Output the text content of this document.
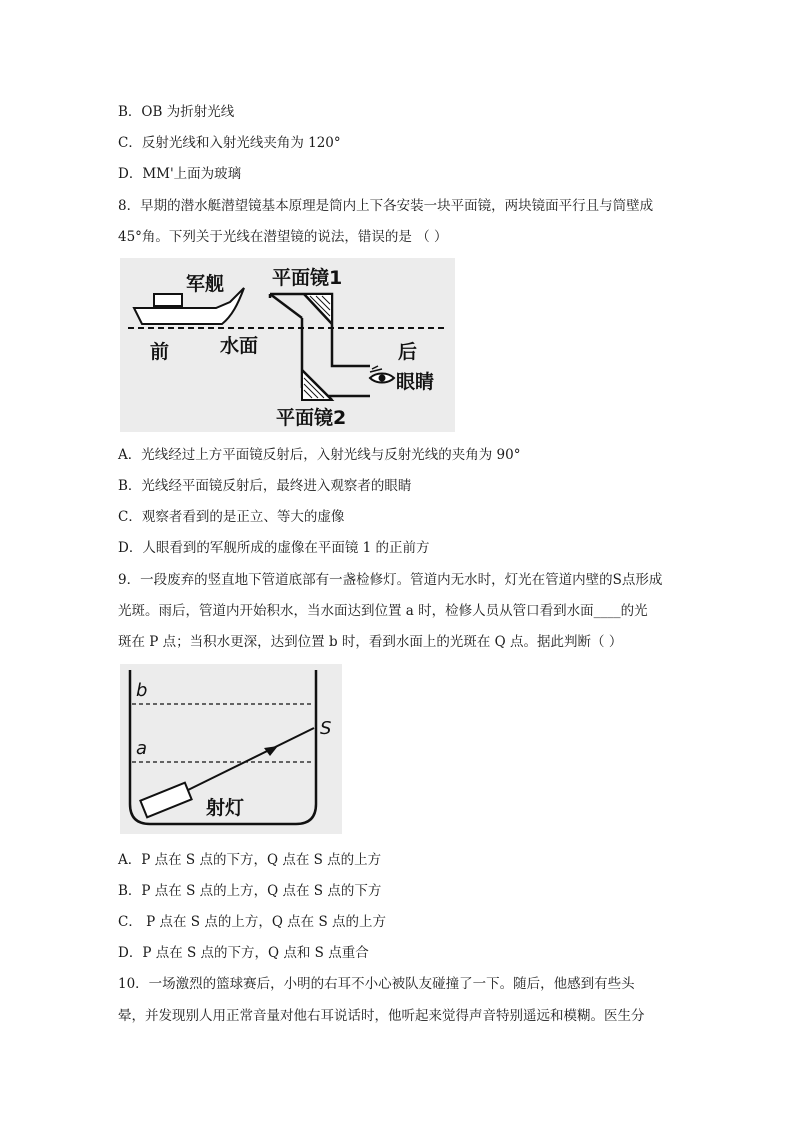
B．OB 为折射光线
C．反射光线和入射光线夹角为 120°
D．MM'上面为玻璃
8．早期的潜水艇潜望镜基本原理是筒内上下各安装一块平面镜，两块镜面平行且与筒壁成
45°角。下列关于光线在潜望镜的说法，错误的是 （ ）
军舰	平面镜1
前	水面	后
眼睛
平面镜2
A．光线经过上方平面镜反射后，入射光线与反射光线的夹角为 90°
B．光线经平面镜反射后，最终进入观察者的眼睛
C．观察者看到的是正立、等大的虚像
D．人眼看到的军舰所成的虚像在平面镜 1 的正前方
9．一段废弃的竖直地下管道底部有一盏检修灯。管道内无水时，灯光在管道内壁的S点形成
光斑。雨后，管道内开始积水，当水面达到位置 a 时，检修人员从管口看到水面____的光
斑在 P 点；当积水更深，达到位置 b 时，看到水面上的光斑在 Q 点。据此判断（ ）
b
a
S
射灯
A．P 点在 S 点的下方，Q 点在 S 点的上方
B．P 点在 S 点的上方，Q 点在 S 点的下方
C． P 点在 S 点的上方，Q 点在 S 点的上方
D．P 点在 S 点的下方，Q 点和 S 点重合
10．一场激烈的篮球赛后，小明的右耳不小心被队友碰撞了一下。随后，他感到有些头
晕，并发现别人用正常音量对他右耳说话时，他听起来觉得声音特别遥远和模糊。医生分
